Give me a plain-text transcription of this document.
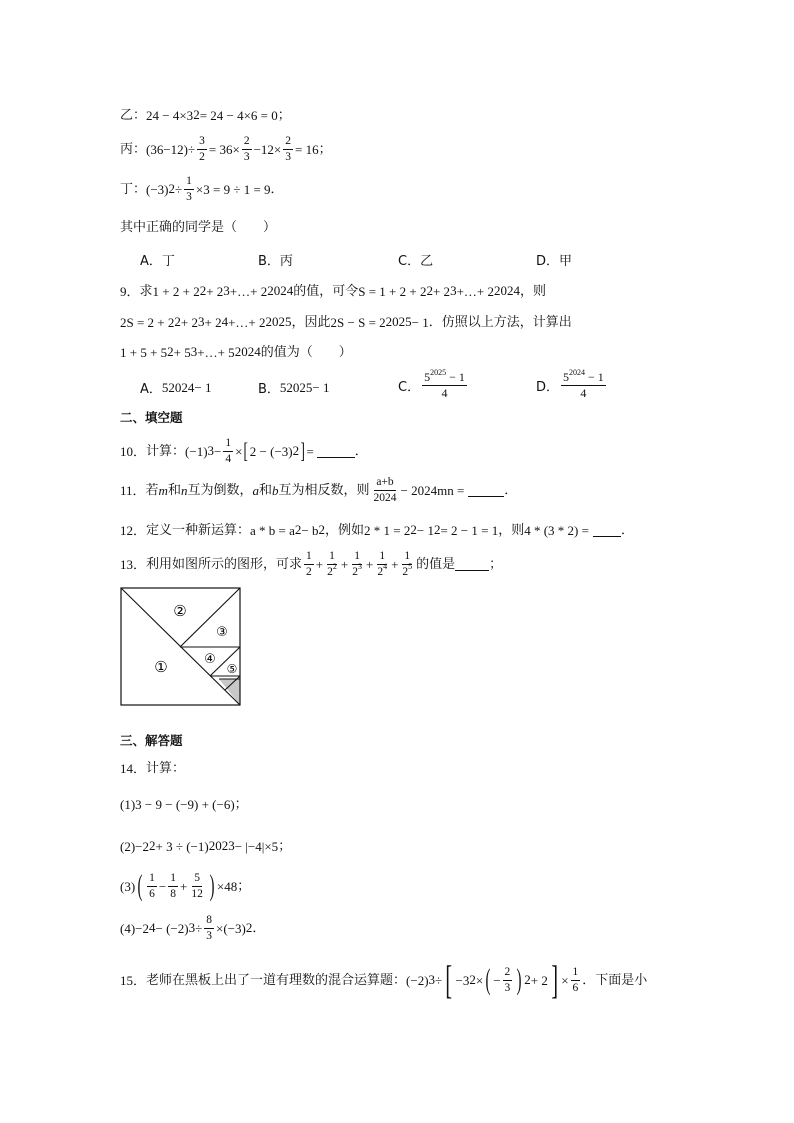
乙： 24 − 4×3 2 = 24 − 4×6 = 0 ；
丙： $(36-12)\div \frac{3}{2} = 36\times \frac{2}{3} -12\times \frac{2}{3} = 16$ ；
丁： (−3) $2 \div \frac{1}{3} \times 3 = 9 \div 1 = 9$ ．
其中正确的同学是（　　）
A． 丁	B． 丙	C． 乙	D． 甲
9． 求 1 + 2 + 2 2 + 2 3 +…+ 2 2024 的值，可令 S = 1 + 2 + 2 2 + 2 3 +…+ 2 2024 ，则
2S = 2 + 2 2 + 2 3 + 2 4 +…+ 2 2025 ，因此 2S − S = 2 2025 − 1 ．仿照以上方法，计算出
1 + 5 + 5 2 + 5 3 +…+ 5 2024 的值为（　　）
A． 5 2024 − 1	B． 5 2025 − 1	C． $\frac{5^{2025} - 1}{4}$	D． $\frac{5^{2024} - 1}{4}$
二、填空题
10． 计算： (−1) $3 - \frac{1}{4}$ × [ 2 − (−3) 2 ] =	．
11． 若 m 和 n 互为倒数， a 和 b 互为相反数，则 $\frac{a+b}{2024} - 2024mn$ =	．
12． 定义一种新运算： a * b = a 2 − b 2 ，例如 2 * 1 = 2 2 − 1 2 = 2 − 1 = 1 ，则 4 * (3 * 2) = ．
13． 利用如图所示的图形，可求 $\frac{1}{2} + \frac{1}{2^2} + \frac{1}{2^3} + \frac{1}{2^4} + \frac{1}{2^5}$ 的值是	；
①
②
③
④
⑤
三、解答题
14． 计算：
(1) 3 − 9 − (−9) + (−6) ；
(2) −2 2 + 3 ÷ (−1) 2023 − |−4|×5 ；
(3) ( $\frac{1}{6} - \frac{1}{8} + \frac{5}{12}$ ) ×48 ；
(4) −2 4 − (−2) $3 \div \frac{8}{3} \times(-3)$ 2 ．
15． 老师在黑板上出了一道有理数的混合运算题： (−2) 3 ÷ [ −3 2 × ( − $\frac{2}{3}$ ) 2 + 2 ] × $\frac{1}{6}$ ．下面是小
